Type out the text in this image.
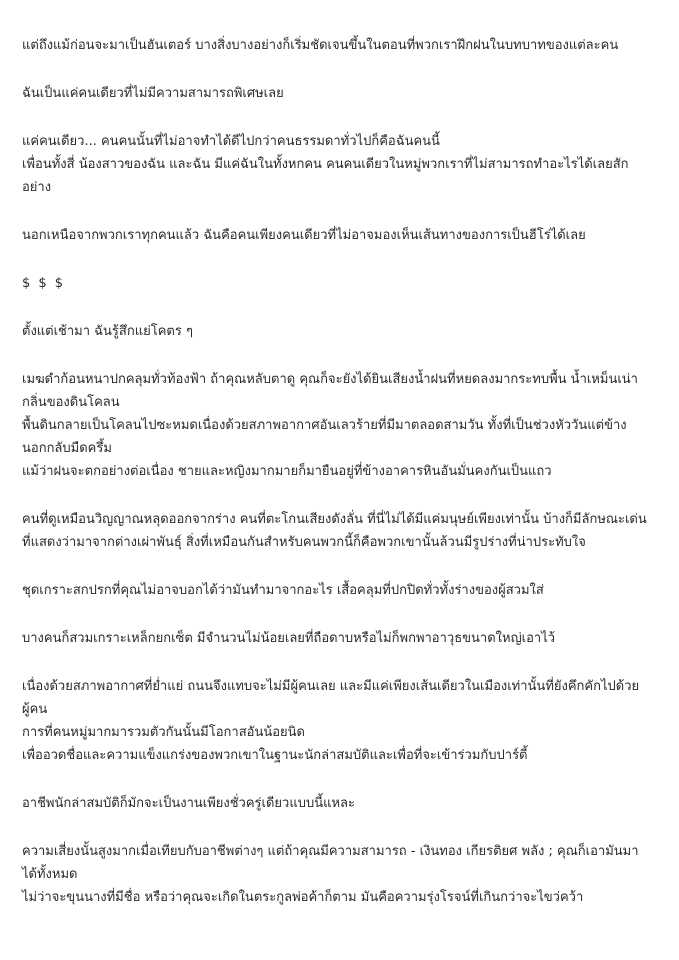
แต่ถึงแม้ก่อนจะมาเป็นฮันเตอร์ บางสิ่งบางอย่างก็เริ่มชัดเจนขึ้นในตอนที่พวกเราฝึกฝนในบทบาทของแต่ละคน

ฉันเป็นแค่คนเดียวที่ไม่มีความสามารถพิเศษเลย

แค่คนเดียว... คนคนนั้นที่ไม่อาจทำได้ดีไปกว่าคนธรรมดาทั่วไปก็คือฉันคนนี้
เพื่อนทั้งสี่ น้องสาวของฉัน และฉัน มีแค่ฉันในทั้งหกคน คนคนเดียวในหมู่พวกเราที่ไม่สามารถทำอะไรได้เลยสัก
อย่าง

นอกเหนือจากพวกเราทุกคนแล้ว ฉันคือคนเพียงคนเดียวที่ไม่อาจมองเห็นเส้นทางของการเป็นฮีโร่ได้เลย

$ $ $

ตั้งแต่เช้ามา ฉันรู้สึกแย่โคตร ๆ

เมฆดำก้อนหนาปกคลุมทั่วท้องฟ้า ถ้าคุณหลับตาดู คุณก็จะยังได้ยินเสียงน้ำฝนที่หยดลงมากระทบพื้น น้ำเหม็นเน่า
กลิ่นของดินโคลน
พื้นดินกลายเป็นโคลนไปซะหมดเนื่องด้วยสภาพอากาศอันเลวร้ายที่มีมาตลอดสามวัน ทั้งที่เป็นช่วงหัววันแต่ข้าง
นอกกลับมืดครึ้ม
แม้ว่าฝนจะตกอย่างต่อเนื่อง ชายและหญิงมากมายก็มายืนอยู่ที่ข้างอาคารหินอันมั่นคงกันเป็นแถว

คนที่ดูเหมือนวิญญาณหลุดออกจากร่าง คนที่ตะโกนเสียงดังลั่น ที่นี่ไม่ได้มีแค่มนุษย์เพียงเท่านั้น บ้างก็มีลักษณะเด่น
ที่แสดงว่ามาจากต่างเผ่าพันธุ์ สิ่งที่เหมือนกันสำหรับคนพวกนี้ก็คือพวกเขานั้นล้วนมีรูปร่างที่น่าประทับใจ

ชุดเกราะสกปรกที่คุณไม่อาจบอกได้ว่ามันทำมาจากอะไร เสื้อคลุมที่ปกปิดทั่วทั้งร่างของผู้สวมใส่

บางคนก็สวมเกราะเหล็กยกเซ็ต มีจำนวนไม่น้อยเลยที่ถือดาบหรือไม่ก็พกพาอาวุธขนาดใหญ่เอาไว้

เนื่องด้วยสภาพอากาศที่ย่ำแย่ ถนนจึงแทบจะไม่มีผู้คนเลย และมีแค่เพียงเส้นเดียวในเมืองเท่านั้นที่ยังคึกคักไปด้วย
ผู้คน
การที่คนหมู่มากมารวมตัวกันนั้นมีโอกาสอันน้อยนิด
เพื่ออวดชื่อและความแข็งแกร่งของพวกเขาในฐานะนักล่าสมบัติและเพื่อที่จะเข้าร่วมกับปาร์ตี้

อาชีพนักล่าสมบัติก็มักจะเป็นงานเพียงชั่วครู่เดียวแบบนี้แหละ

ความเสี่ยงนั้นสูงมากเมื่อเทียบกับอาชีพต่างๆ แต่ถ้าคุณมีความสามารถ - เงินทอง เกียรติยศ พลัง ; คุณก็เอามันมา
ได้ทั้งหมด
ไม่ว่าจะขุนนางที่มีชื่อ หรือว่าคุณจะเกิดในตระกูลพ่อค้าก็ตาม มันคือความรุ่งโรจน์ที่เกินกว่าจะไขว่คว้า
